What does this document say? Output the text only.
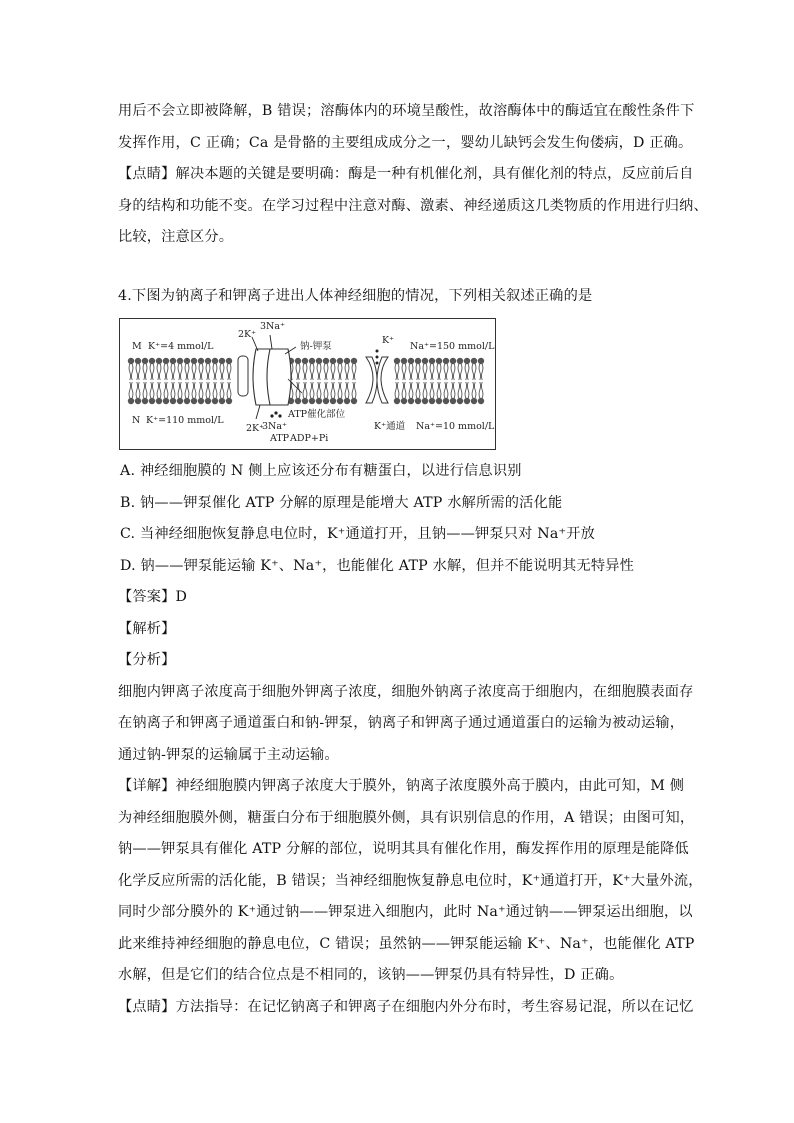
用后不会立即被降解，B 错误；溶酶体内的环境呈酸性，故溶酶体中的酶适宜在酸性条件下
发挥作用，C 正确；Ca 是骨骼的主要组成成分之一，婴幼儿缺钙会发生佝偻病，D 正确。
【点睛】解决本题的关键是要明确：酶是一种有机催化剂，具有催化剂的特点，反应前后自
身的结构和功能不变。在学习过程中注意对酶、激素、神经递质这几类物质的作用进行归纳、
比较，注意区分。
4.下图为钠离子和钾离子进出人体神经细胞的情况，下列相关叙述正确的是
M K⁺=4 mmol/L
N K⁺=110 mmol/L
2K⁺
3Na⁺
钠-钾泵
ATP催化部位
2K⁺
3Na⁺
ATP ADP+Pi
K⁺
Na⁺=150 mmol/L
K⁺通道 Na⁺=10 mmol/L
A. 神经细胞膜的 N 侧上应该还分布有糖蛋白，以进行信息识别
B. 钠——钾泵催化 ATP 分解的原理是能增大 ATP 水解所需的活化能
C. 当神经细胞恢复静息电位时，K⁺通道打开，且钠——钾泵只对 Na⁺开放
D. 钠——钾泵能运输 K⁺、Na⁺，也能催化 ATP 水解，但并不能说明其无特异性
【答案】D
【解析】
【分析】
细胞内钾离子浓度高于细胞外钾离子浓度，细胞外钠离子浓度高于细胞内，在细胞膜表面存
在钠离子和钾离子通道蛋白和钠-钾泵，钠离子和钾离子通过通道蛋白的运输为被动运输，
通过钠-钾泵的运输属于主动运输。
【详解】神经细胞膜内钾离子浓度大于膜外，钠离子浓度膜外高于膜内，由此可知，M 侧
为神经细胞膜外侧，糖蛋白分布于细胞膜外侧，具有识别信息的作用，A 错误；由图可知，
钠——钾泵具有催化 ATP 分解的部位，说明其具有催化作用，酶发挥作用的原理是能降低
化学反应所需的活化能，B 错误；当神经细胞恢复静息电位时，K⁺通道打开，K⁺大量外流，
同时少部分膜外的 K⁺通过钠——钾泵进入细胞内，此时 Na⁺通过钠——钾泵运出细胞，以
此来维持神经细胞的静息电位，C 错误；虽然钠——钾泵能运输 K⁺、Na⁺，也能催化 ATP
水解，但是它们的结合位点是不相同的，该钠——钾泵仍具有特异性，D 正确。
【点睛】方法指导：在记忆钠离子和钾离子在细胞内外分布时，考生容易记混，所以在记忆
